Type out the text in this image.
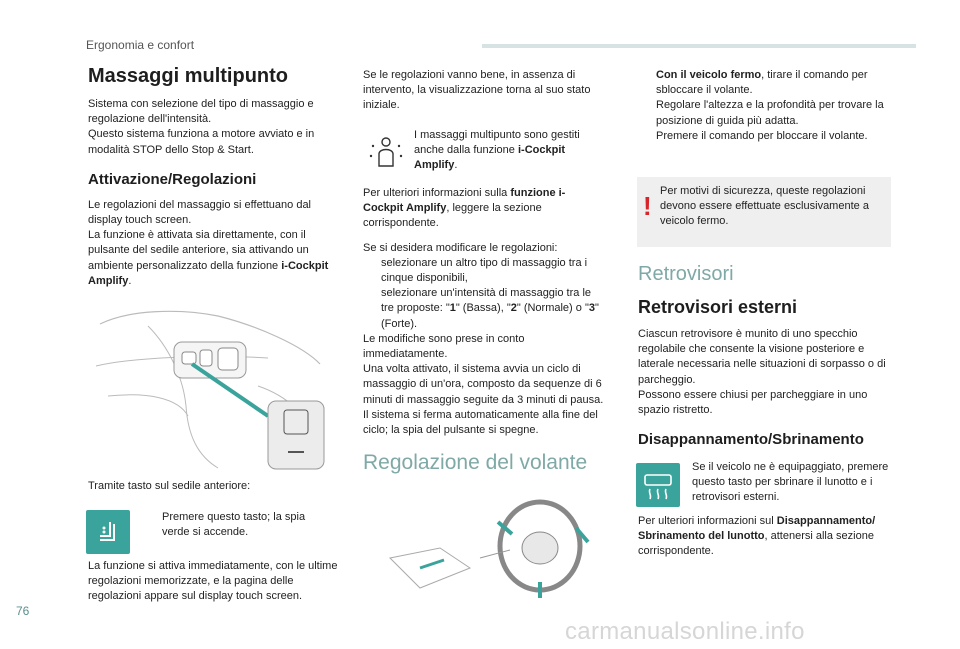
Ergonomia e confort
Massaggi multipunto

Sistema con selezione del tipo di massaggio e regolazione dell'intensità.

Questo sistema funziona a motore avviato e in modalità STOP dello Stop & Start.

Attivazione/Regolazioni

Le regolazioni del massaggio si effettuano dal display touch screen.

La funzione è attivata sia direttamente, con il pulsante del sedile anteriore, sia attivando un ambiente personalizzato della funzione i-Cockpit Amplify.

Tramite tasto sul sedile anteriore:
Premere questo tasto; la spia verde si accende.
La funzione si attiva immediatamente, con le ultime regolazioni memorizzate, e la pagina delle regolazioni appare sul display touch screen.

Se le regolazioni vanno bene, in assenza di intervento, la visualizzazione torna al suo stato iniziale.

I massaggi multipunto sono gestiti anche dalla funzione i-Cockpit Amplify.

Per ulteriori informazioni sulla funzione i-Cockpit Amplify, leggere la sezione corrispondente.

Se si desidera modificare le regolazioni:

selezionare un altro tipo di massaggio tra i cinque disponibili,
selezionare un'intensità di massaggio tra le tre proposte: "1" (Bassa), "2" (Normale) o "3" (Forte).

Le modifiche sono prese in conto immediatamente.

Una volta attivato, il sistema avvia un ciclo di massaggio di un'ora, composto da sequenze di 6 minuti di massaggio seguite da 3 minuti di pausa.

Il sistema si ferma automaticamente alla fine del ciclo; la spia del pulsante si spegne.

Regolazione del volante
Con il veicolo fermo, tirare il comando per sbloccare il volante.
Regolare l'altezza e la profondità per trovare la posizione di guida più adatta.
Premere il comando per bloccare il volante.
! Per motivi di sicurezza, queste regolazioni devono essere effettuate esclusivamente a veicolo fermo.
Retrovisori
Retrovisori esterni

Ciascun retrovisore è munito di uno specchio regolabile che consente la visione posteriore e laterale necessaria nelle situazioni di sorpasso o di parcheggio.

Possono essere chiusi per parcheggiare in uno spazio ristretto.

Disappannamento/Sbrinamento
Se il veicolo ne è equipaggiato, premere questo tasto per sbrinare il lunotto e i retrovisori esterni.
Per ulteriori informazioni sul Disappannamento/ Sbrinamento del lunotto, attenersi alla sezione corrispondente.
76
carmanualsonline.info
